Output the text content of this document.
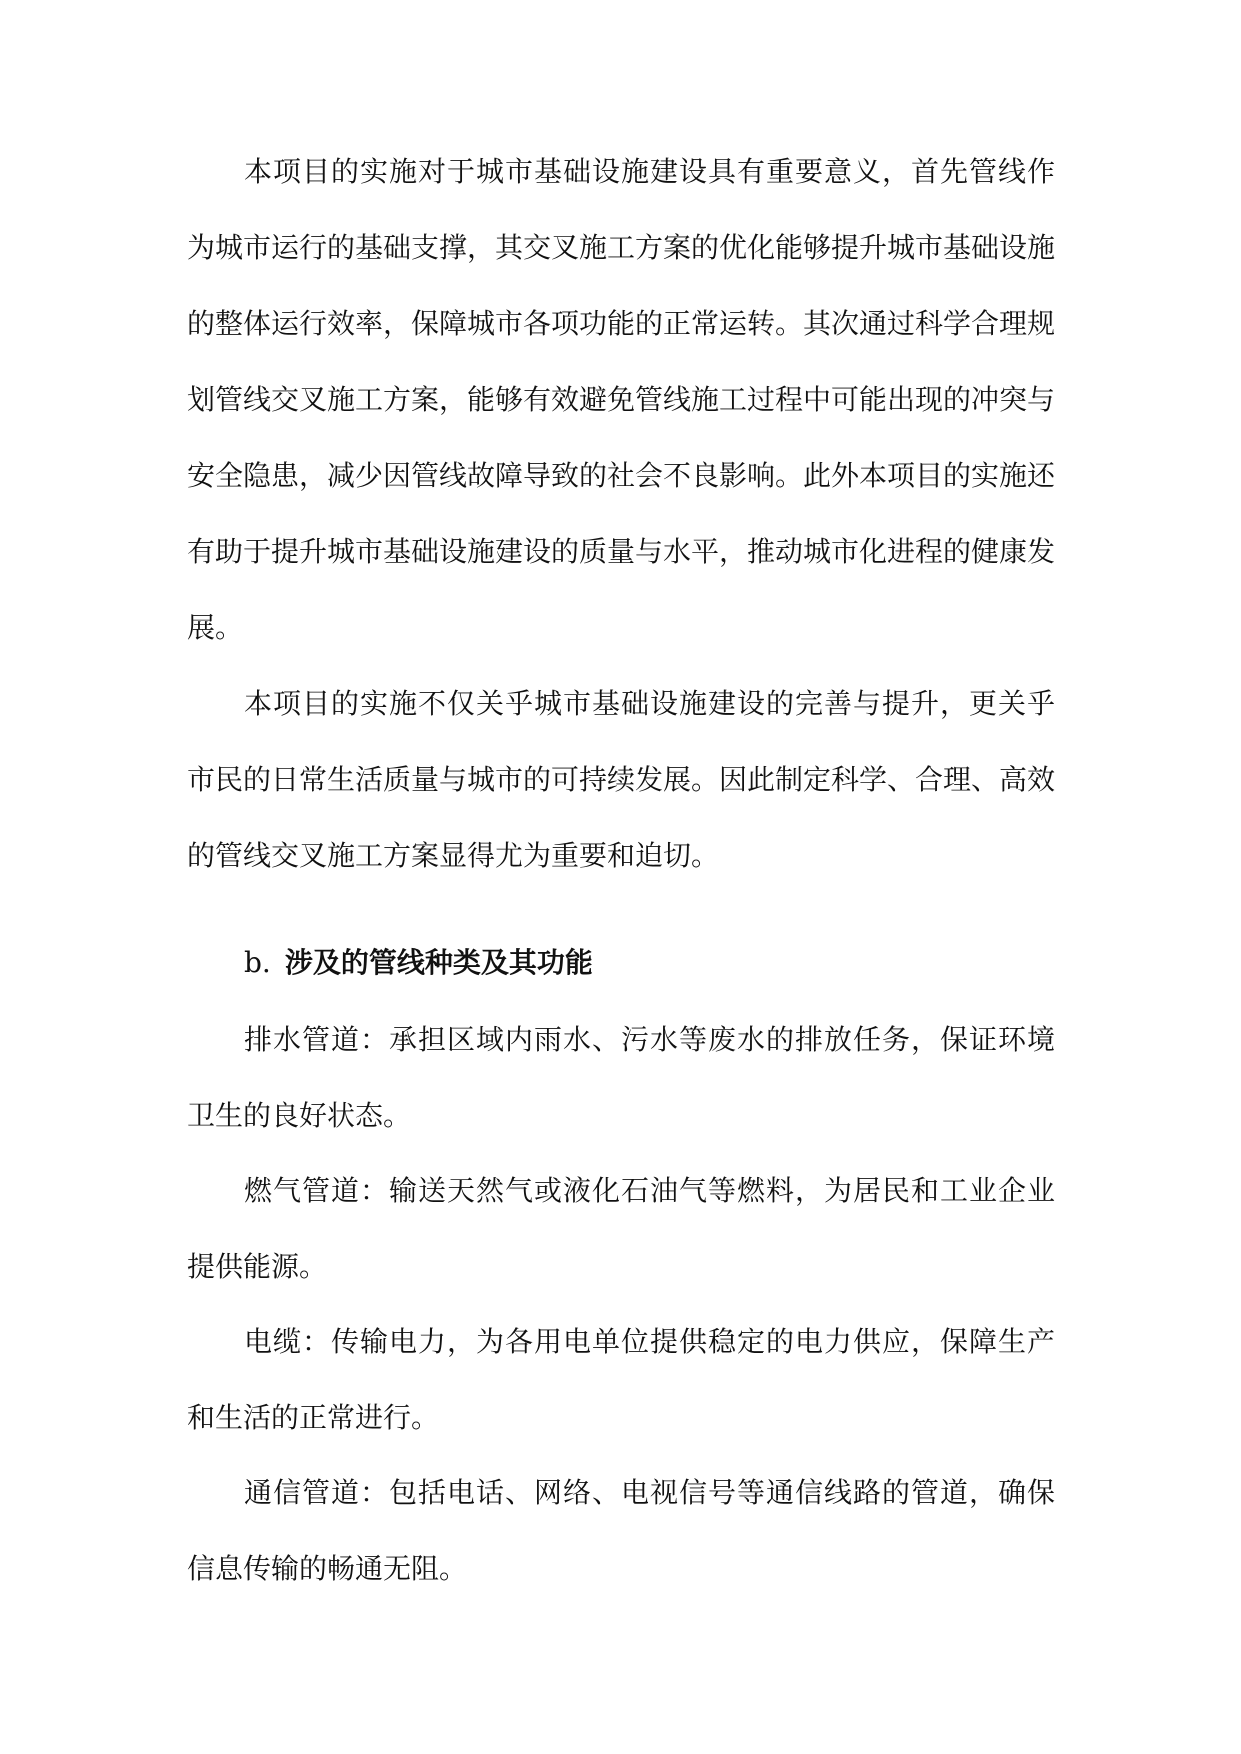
本项目的实施对于城市基础设施建设具有重要意义，首先管线作为城市运行的基础支撑，其交叉施工方案的优化能够提升城市基础设施的整体运行效率，保障城市各项功能的正常运转。其次通过科学合理规划管线交叉施工方案，能够有效避免管线施工过程中可能出现的冲突与安全隐患，减少因管线故障导致的社会不良影响。此外本项目的实施还有助于提升城市基础设施建设的质量与水平，推动城市化进程的健康发展。

本项目的实施不仅关乎城市基础设施建设的完善与提升，更关乎市民的日常生活质量与城市的可持续发展。因此制定科学、合理、高效的管线交叉施工方案显得尤为重要和迫切。

b. 涉及的管线种类及其功能

排水管道：承担区域内雨水、污水等废水的排放任务，保证环境卫生的良好状态。

燃气管道：输送天然气或液化石油气等燃料，为居民和工业企业提供能源。

电缆：传输电力，为各用电单位提供稳定的电力供应，保障生产和生活的正常进行。

通信管道：包括电话、网络、电视信号等通信线路的管道，确保信息传输的畅通无阻。
